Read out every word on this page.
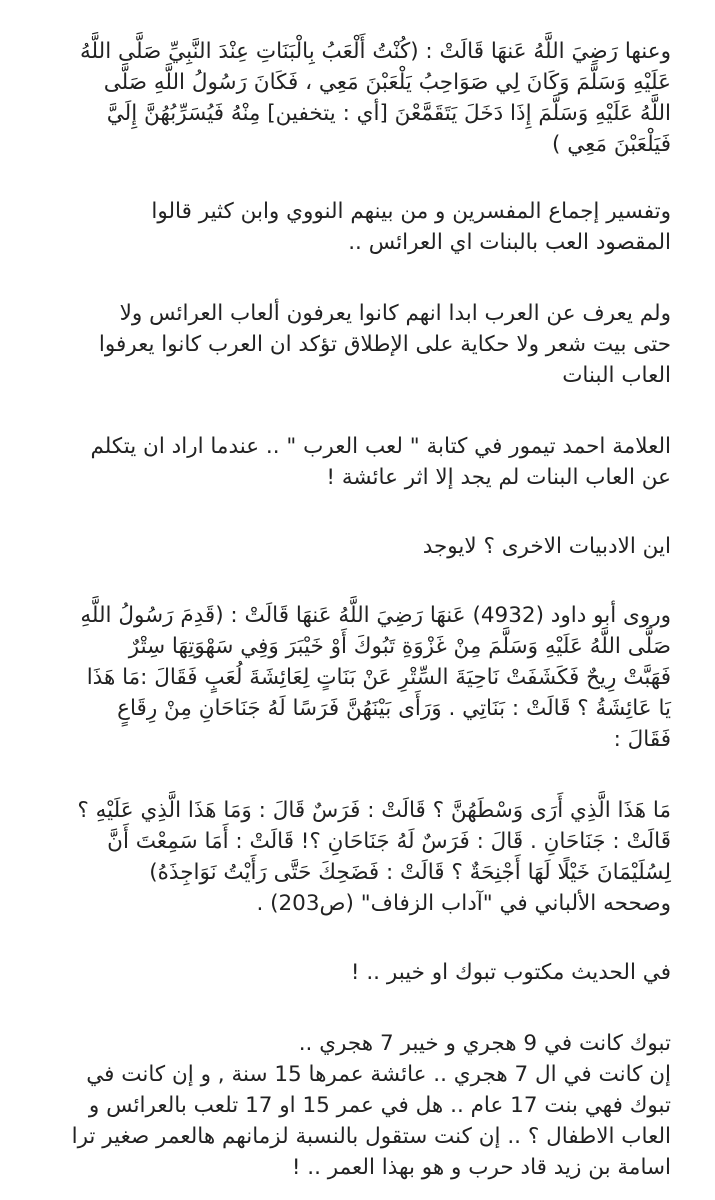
وعنها رَضِيَ اللَّهُ عَنهَا قَالَتْ : (كُنْتُ أَلْعَبُ بِالْبَنَاتِ عِنْدَ النَّبِيِّ صَلَّى اللَّهُ
عَلَيْهِ وَسَلَّمَ وَكَانَ لِي صَوَاحِبُ يَلْعَبْنَ مَعِي ، فَكَانَ رَسُولُ اللَّهِ صَلَّى
اللَّهُ عَلَيْهِ وَسَلَّمَ إِذَا دَخَلَ يَتَقَمَّعْنَ [أي : يتخفين] مِنْهُ فَيُسَرِّبُهُنَّ إِلَيَّ
فَيَلْعَبْنَ مَعِي )
وتفسير إجماع المفسرين و من بينهم النووي وابن كثير قالوا
المقصود العب بالبنات اي العرائس ..
ولم يعرف عن العرب ابدا انهم كانوا يعرفون ألعاب العرائس ولا
حتى بيت شعر ولا حكاية على الإطلاق تؤكد ان العرب كانوا يعرفوا
العاب البنات
العلامة احمد تيمور في كتابة " لعب العرب " .. عندما اراد ان يتكلم
عن العاب البنات لم يجد إلا اثر عائشة !
اين الادبيات الاخرى ؟ لايوجد
وروى أبو داود (4932) عَنهَا رَضِيَ اللَّهُ عَنهَا قَالَتْ : (قَدِمَ رَسُولُ اللَّهِ
صَلَّى اللَّهُ عَلَيْهِ وَسَلَّمَ مِنْ غَزْوَةِ تَبُوكَ أَوْ خَيْبَرَ وَفِي سَهْوَتِهَا سِتْرٌ
فَهَبَّتْ رِيحٌ فَكَشَفَتْ نَاحِيَةَ السِّتْرِ عَنْ بَنَاتٍ لِعَائِشَةَ لُعَبٍ فَقَالَ :مَا هَذَا
يَا عَائِشَةُ ؟ قَالَتْ : بَنَاتِي . وَرَأَى بَيْنَهُنَّ فَرَسًا لَهُ جَنَاحَانِ مِنْ رِقَاعٍ
فَقَالَ :
مَا هَذَا الَّذِي أَرَى وَسْطَهُنَّ ؟ قَالَتْ : فَرَسٌ قَالَ : وَمَا هَذَا الَّذِي عَلَيْهِ ؟
قَالَتْ : جَنَاحَانِ . قَالَ : فَرَسٌ لَهُ جَنَاحَانِ ؟! قَالَتْ : أَمَا سَمِعْتَ أَنَّ
لِسُلَيْمَانَ خَيْلًا لَهَا أَجْنِحَةٌ ؟ قَالَتْ : فَضَحِكَ حَتَّى رَأَيْتُ نَوَاجِذَهُ)
وصححه الألباني في "آداب الزفاف" (ص203) .
في الحديث مكتوب تبوك او خيبر .. !
تبوك كانت في 9 هجري و خيبر 7 هجري ..
إن كانت في ال 7 هجري .. عائشة عمرها 15 سنة , و إن كانت في
تبوك فهي بنت 17 عام .. هل في عمر 15 او 17 تلعب بالعرائس و
العاب الاطفال ؟ .. إن كنت ستقول بالنسبة لزمانهم هالعمر صغير ترا
اسامة بن زيد قاد حرب و هو بهذا العمر .. !
